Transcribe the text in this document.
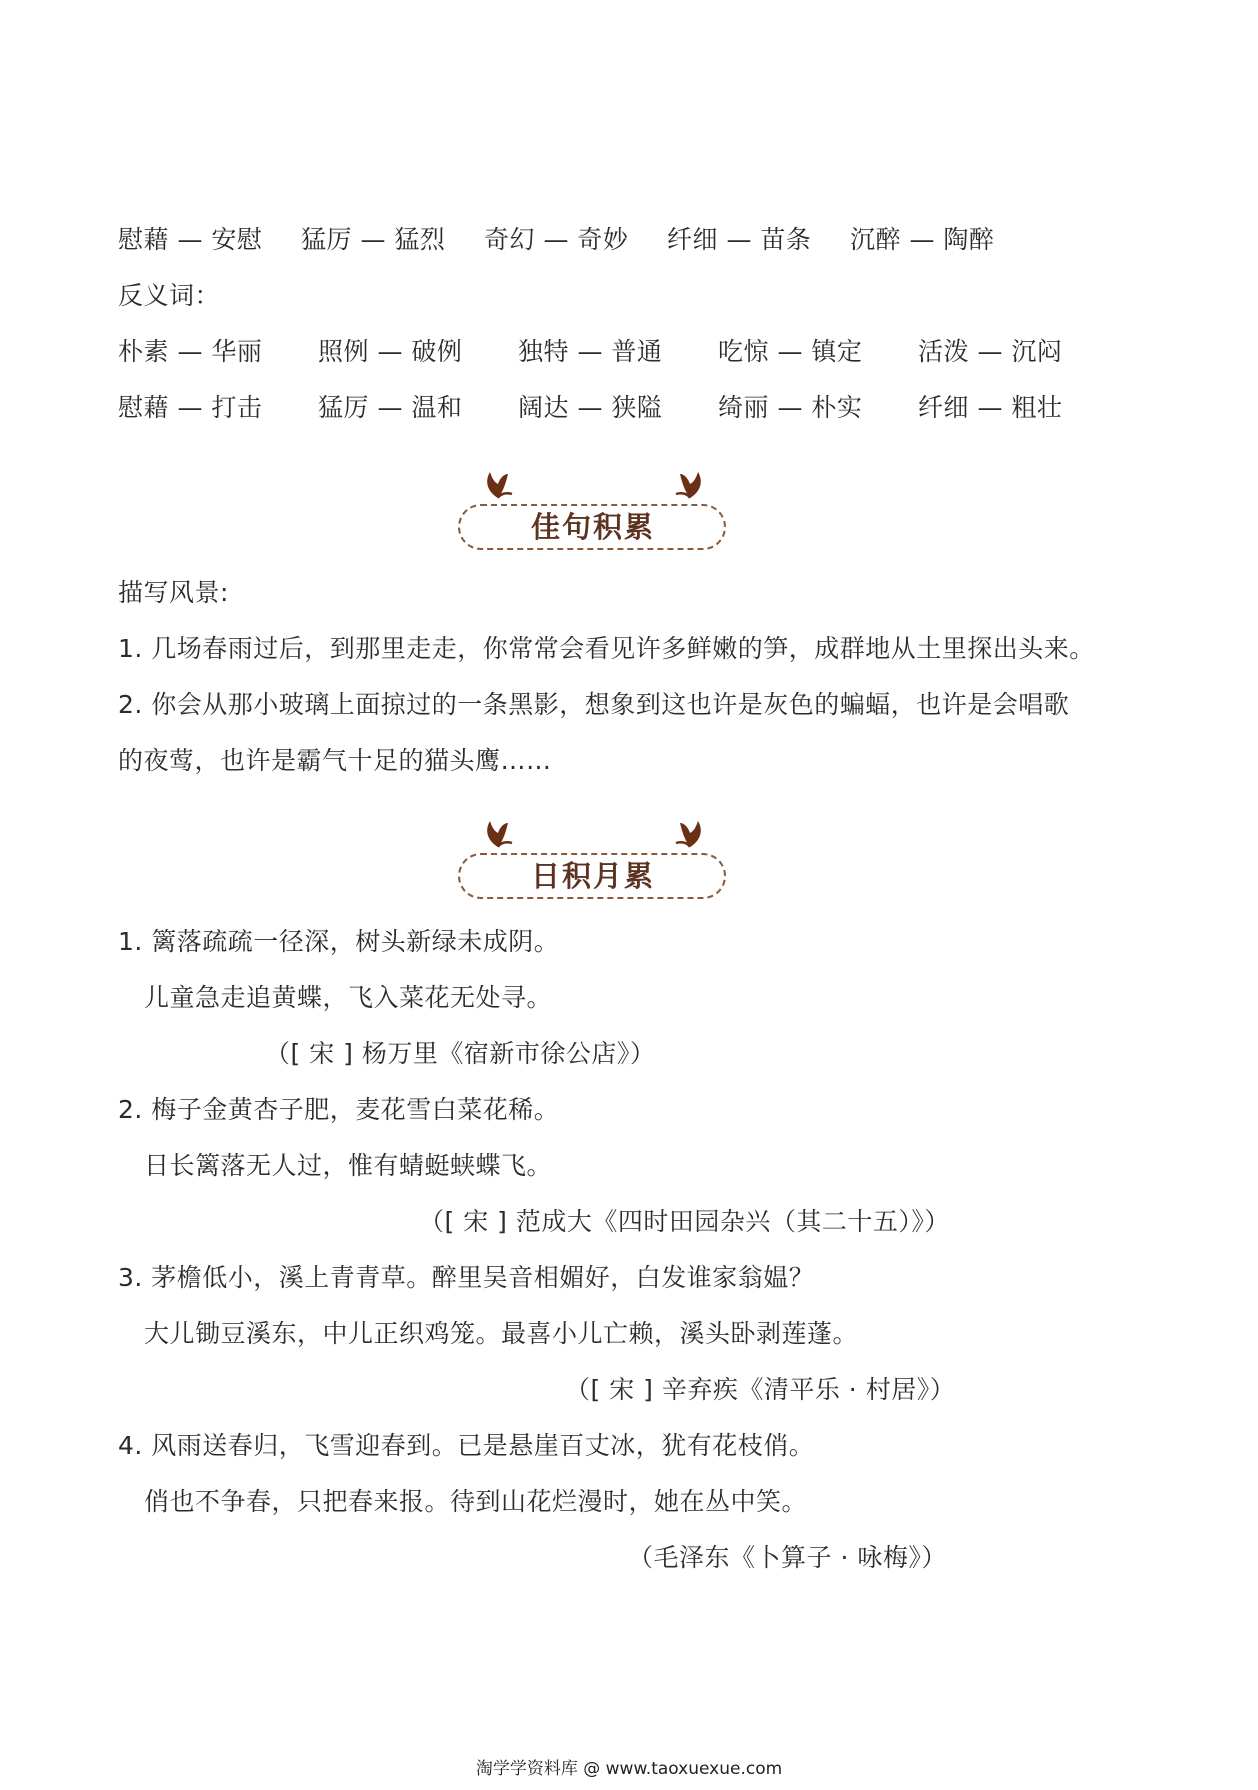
慰藉 — 安慰	猛厉 — 猛烈	奇幻 — 奇妙	纤细 — 苗条	沉醉 — 陶醉
反义词：
朴素 — 华丽	照例 — 破例	独特 — 普通	吃惊 — 镇定	活泼 — 沉闷
慰藉 — 打击	猛厉 — 温和	阔达 — 狭隘	绮丽 — 朴实	纤细 — 粗壮
佳句积累
描写风景:
1. 几场春雨过后，到那里走走，你常常会看见许多鲜嫩的笋，成群地从土里探出头来。
2. 你会从那小玻璃上面掠过的一条黑影，想象到这也许是灰色的蝙蝠，也许是会唱歌
的夜莺，也许是霸气十足的猫头鹰……
日积月累
1. 篱落疏疏一径深，树头新绿未成阴。
儿童急走追黄蝶，飞入菜花无处寻。
（[ 宋 ] 杨万里《宿新市徐公店》）
2. 梅子金黄杏子肥，麦花雪白菜花稀。
日长篱落无人过，惟有蜻蜓蛱蝶飞。
（[ 宋 ] 范成大《四时田园杂兴（其二十五）》）
3. 茅檐低小，溪上青青草。醉里吴音相媚好，白发谁家翁媪？
大儿锄豆溪东，中儿正织鸡笼。最喜小儿亡赖，溪头卧剥莲蓬。
（[ 宋 ] 辛弃疾《清平乐 · 村居》）
4. 风雨送春归，飞雪迎春到。已是悬崖百丈冰，犹有花枝俏。
俏也不争春，只把春来报。待到山花烂漫时，她在丛中笑。
（毛泽东《卜算子 · 咏梅》）
淘学学资料库 @ www.taoxuexue.com
